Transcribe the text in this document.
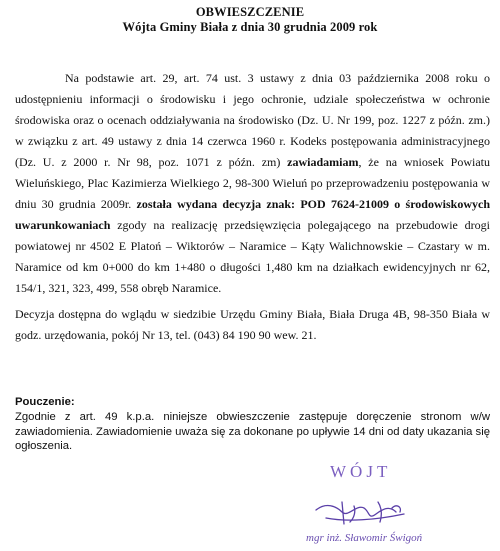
OBWIESZCZENIE
Wójta Gminy Biała z dnia 30 grudnia 2009 rok

Na podstawie art. 29, art. 74 ust. 3 ustawy z dnia 03 października 2008 roku o udostępnieniu informacji o środowisku i jego ochronie, udziale społeczeństwa w ochronie środowiska oraz o ocenach oddziaływania na środowisko (Dz. U. Nr 199, poz. 1227 z późn. zm.) w związku z art. 49 ustawy z dnia 14 czerwca 1960 r. Kodeks postępowania administracyjnego (Dz. U. z 2000 r. Nr 98, poz. 1071 z późn. zm) zawiadamiam, że na wniosek Powiatu Wieluńskiego, Plac Kazimierza Wielkiego 2, 98-300 Wieluń po przeprowadzeniu postępowania w dniu 30 grudnia 2009r. została wydana decyzja znak: POD 7624-21009 o środowiskowych uwarunkowaniach zgody na realizację przedsięwzięcia polegającego na przebudowie drogi powiatowej nr 4502 E Platoń – Wiktorów – Naramice – Kąty Walichnowskie – Czastary w m. Naramice od km 0+000 do km 1+480 o długości 1,480 km na działkach ewidencyjnych nr 62, 154/1, 321, 323, 499, 558 obręb Naramice.

Decyzja dostępna do wglądu w siedzibie Urzędu Gminy Biała, Biała Druga 4B, 98-350 Biała w godz. urzędowania, pokój Nr 13, tel. (043) 84 190 90 wew. 21.

Pouczenie:
Zgodnie z art. 49 k.p.a. niniejsze obwieszczenie zastępuje doręczenie stronom w/w zawiadomienia. Zawiadomienie uważa się za dokonane po upływie 14 dni od daty ukazania się ogłoszenia.
WÓJT
mgr inż. Sławomir Świgoń
